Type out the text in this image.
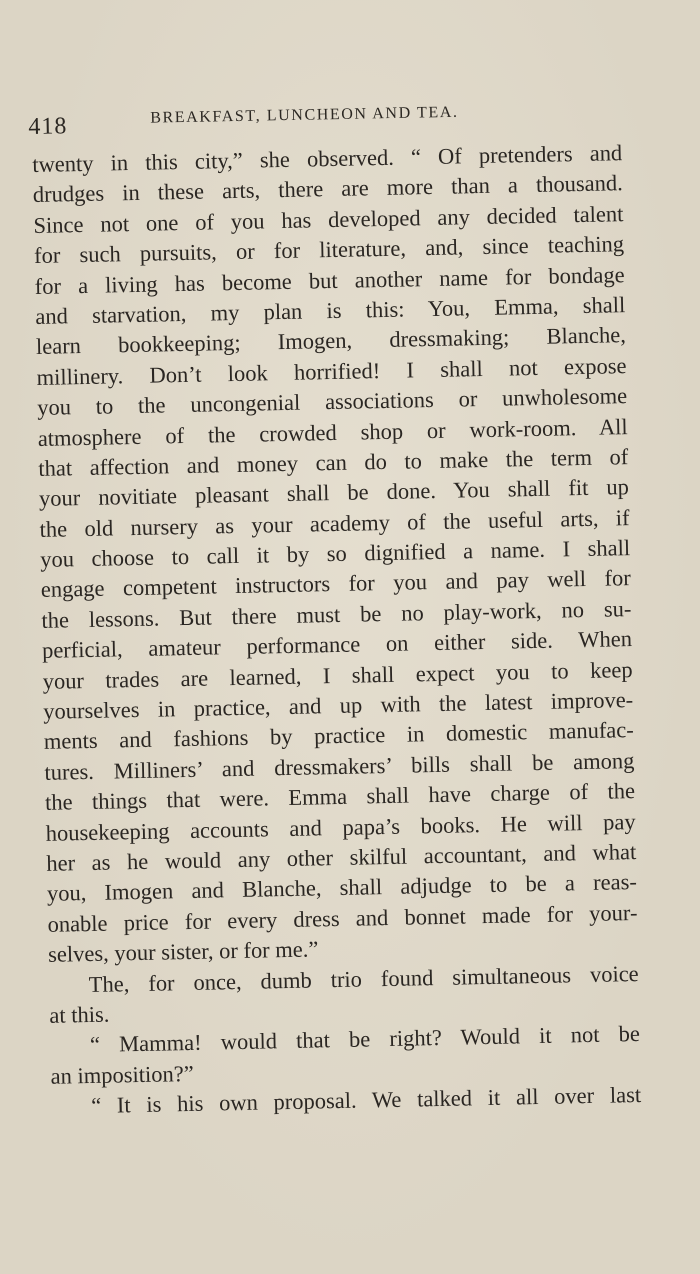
418	BREAKFAST, LUNCHEON AND TEA.
twenty in this city,” she observed. “ Of pretenders and
drudges in these arts, there are more than a thousand.
Since not one of you has developed any decided talent
for such pursuits, or for literature, and, since teaching
for a living has become but another name for bondage
and starvation, my plan is this: You, Emma, shall
learn bookkeeping; Imogen, dressmaking; Blanche,
millinery. Don’t look horrified! I shall not expose
you to the uncongenial associations or unwholesome
atmosphere of the crowded shop or work-room. All
that affection and money can do to make the term of
your novitiate pleasant shall be done. You shall fit up
the old nursery as your academy of the useful arts, if
you choose to call it by so dignified a name. I shall
engage competent instructors for you and pay well for
the lessons. But there must be no play-work, no su-
perficial, amateur performance on either side. When
your trades are learned, I shall expect you to keep
yourselves in practice, and up with the latest improve-
ments and fashions by practice in domestic manufac-
tures. Milliners’ and dressmakers’ bills shall be among
the things that were. Emma shall have charge of the
housekeeping accounts and papa’s books. He will pay
her as he would any other skilful accountant, and what
you, Imogen and Blanche, shall adjudge to be a reas-
onable price for every dress and bonnet made for your-
selves, your sister, or for me.”
The, for once, dumb trio found simultaneous voice
at this.
“ Mamma! would that be right? Would it not be
an imposition?”
“ It is his own proposal. We talked it all over last
